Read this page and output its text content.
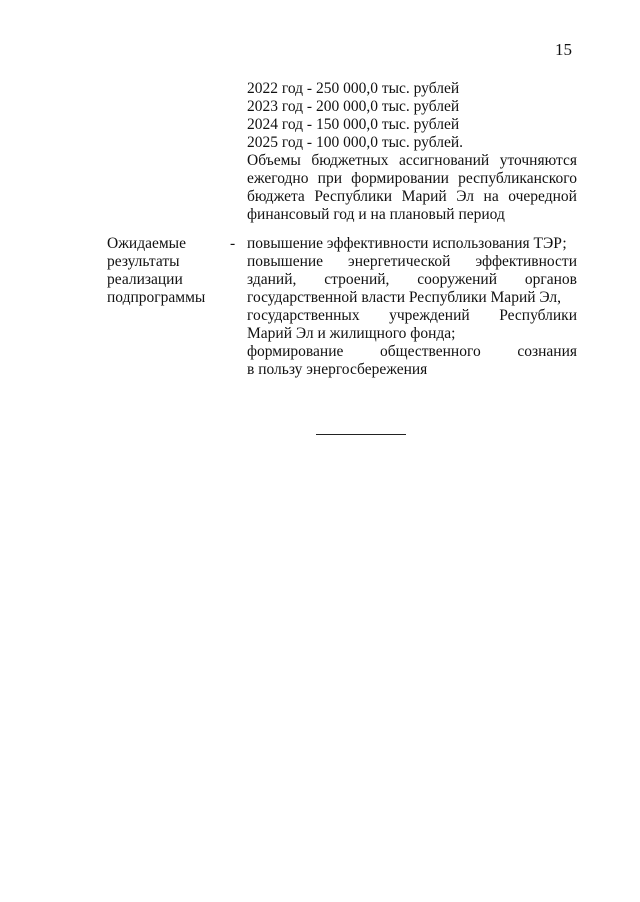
15
2022 год - 250 000,0 тыс. рублей
2023 год - 200 000,0 тыс. рублей
2024 год - 150 000,0 тыс. рублей
2025 год - 100 000,0 тыс. рублей.
Объемы бюджетных ассигнований уточняются
ежегодно при формировании республиканского
бюджета Республики Марий Эл на очередной
финансовый год и на плановый период
Ожидаемые
результаты
реализации
подпрограммы
- повышение эффективности использования ТЭР;
повышение энергетической эффективности
зданий, строений, сооружений органов
государственной власти Республики Марий Эл,
государственных учреждений Республики
Марий Эл и жилищного фонда;
формирование общественного сознания
в пользу энергосбережения
